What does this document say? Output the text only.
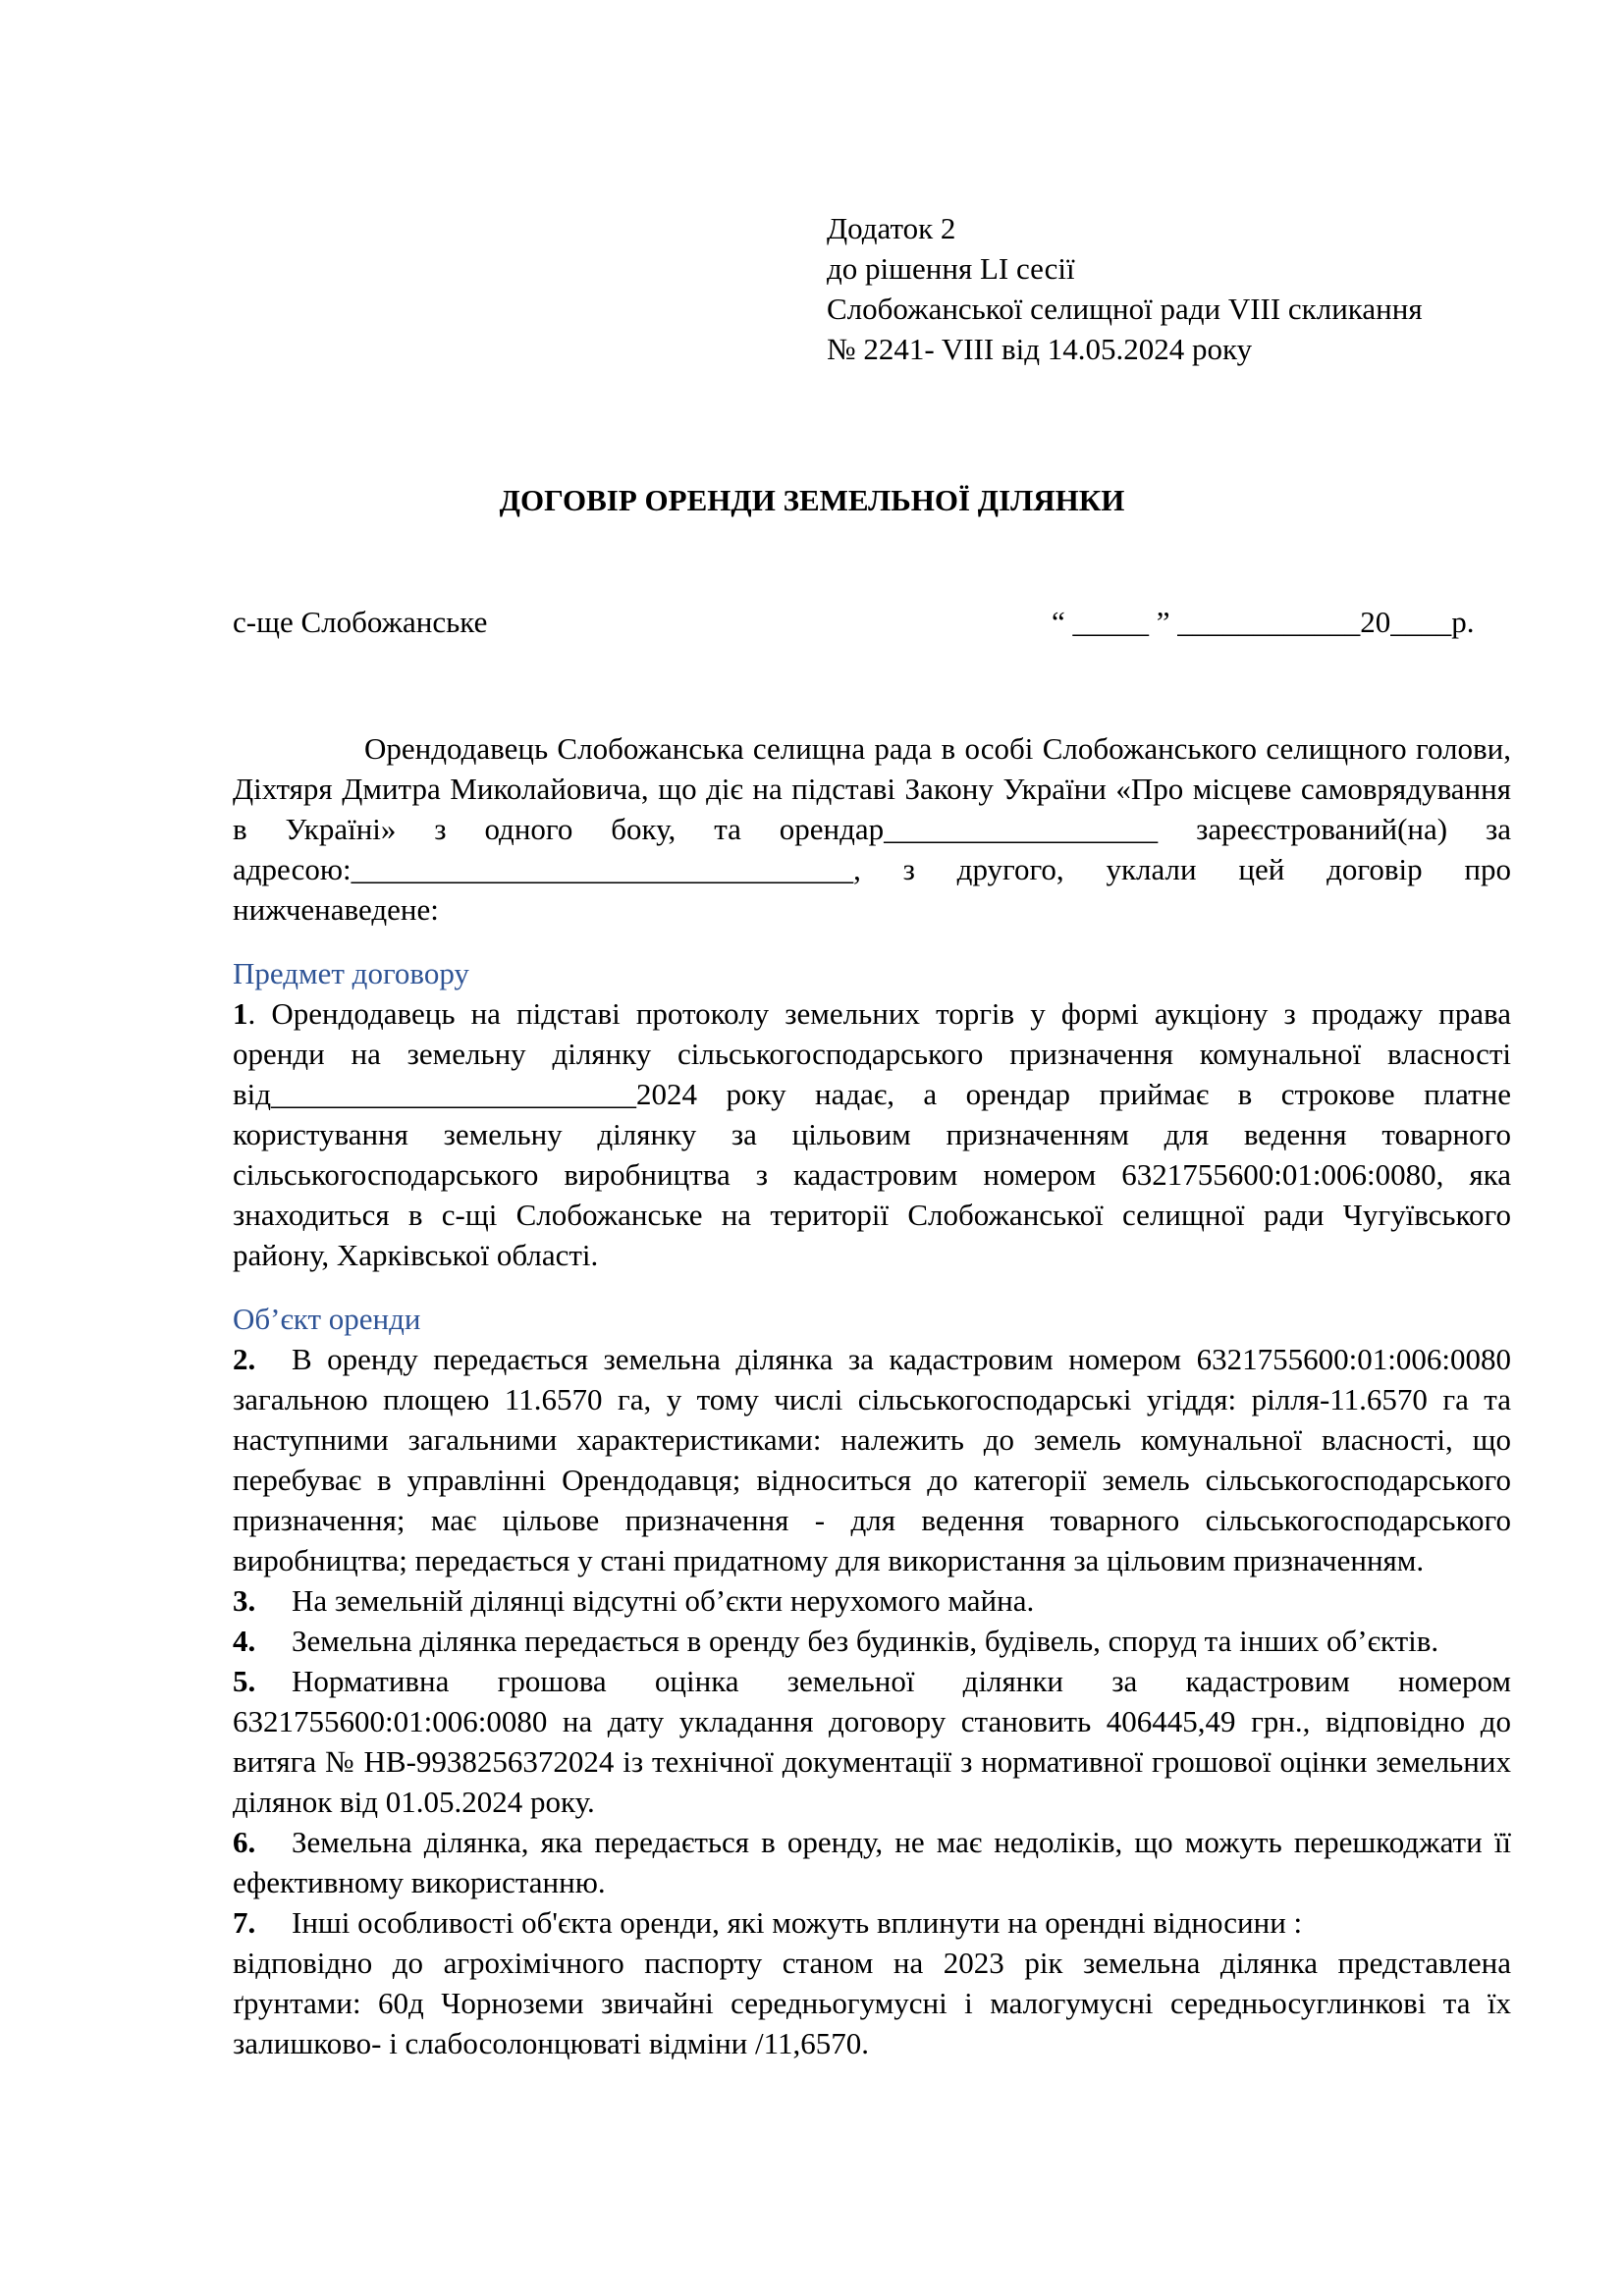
Додаток 2
до рішення LI сесії
Слобожанської селищної ради VIII скликання
№ 2241- VIII від 14.05.2024 року
ДОГОВІР ОРЕНДИ ЗЕМЕЛЬНОЇ ДІЛЯНКИ
с-ще Слобожанське	“ _____ ” ____________20____р.

Орендодавець Слобожанська селищна рада в особі Слобожанського селищного голови, Діхтяря Дмитра Миколайовича, що діє на підставі Закону України «Про місцеве самоврядування в Україні» з одного боку, та орендар__________________ зареєстрований(на) за адресою:_________________________________, з другого, уклали цей договір про нижченаведене:

Предмет договору

1. Орендодавець на підставі протоколу земельних торгів у формі аукціону з продажу права оренди на земельну ділянку сільськогосподарського призначення комунальної власності від________________________2024 року надає, а орендар приймає в строкове платне користування земельну ділянку за цільовим призначенням для ведення товарного сільськогосподарського виробництва з кадастровим номером 6321755600:01:006:0080, яка знаходиться в с-щі Слобожанське на території Слобожанської селищної ради Чугуївського району, Харківської області.

Об’єкт оренди

2. В оренду передається земельна ділянка за кадастровим номером 6321755600:01:006:0080 загальною площею 11.6570 га, у тому числі сільськогосподарські угіддя: рілля-11.6570 га та наступними загальними характеристиками: належить до земель комунальної власності, що перебуває в управлінні Орендодавця; відноситься до категорії земель сільськогосподарського призначення; має цільове призначення - для ведення товарного сільськогосподарського виробництва; передається у стані придатному для використання за цільовим призначенням.

3. На земельній ділянці відсутні об’єкти нерухомого майна.

4. Земельна ділянка передається в оренду без будинків, будівель, споруд та інших об’єктів.

5. Нормативна грошова оцінка земельної ділянки за кадастровим номером 6321755600:01:006:0080 на дату укладання договору становить 406445,49 грн., відповідно до витяга № НВ-9938256372024 із технічної документації з нормативної грошової оцінки земельних ділянок від 01.05.2024 року.

6. Земельна ділянка, яка передається в оренду, не має недоліків, що можуть перешкоджати її ефективному використанню.

7. Інші особливості об'єкта оренди, які можуть вплинути на орендні відносини :

відповідно до агрохімічного паспорту станом на 2023 рік земельна ділянка представлена ґрунтами: 60д Чорноземи звичайні середньогумусні і малогумусні середньосуглинкові та їх залишково- і слабосолонцюваті відміни /11,6570.
